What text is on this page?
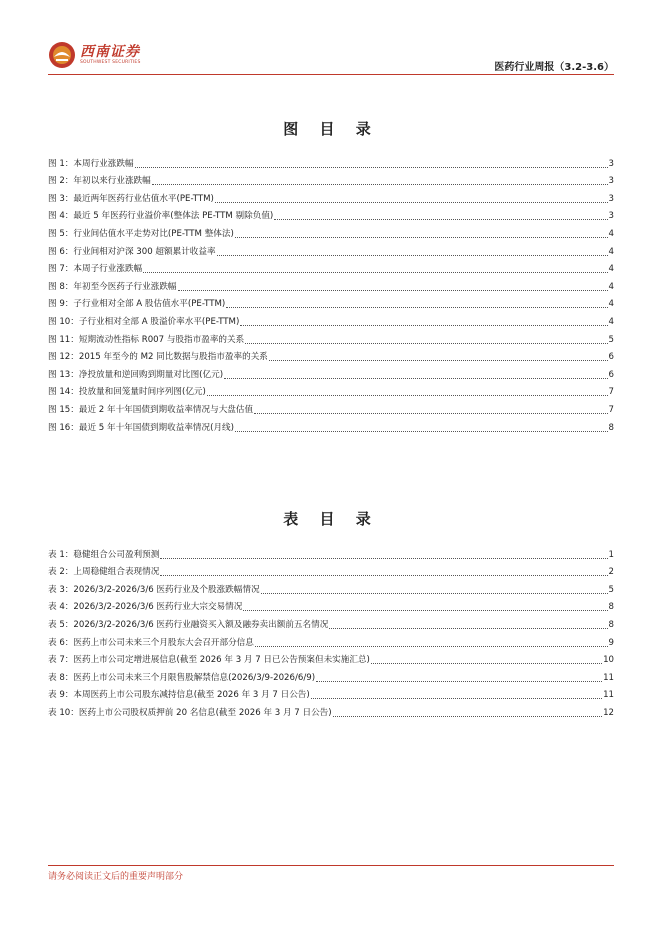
西南证券
SOUTHWEST SECURITIES	医药行业周报（3.2-3.6）
图 目 录
图 1：本周行业涨跌幅	3
图 2：年初以来行业涨跌幅	3
图 3：最近两年医药行业估值水平(PE-TTM)	3
图 4：最近 5 年医药行业溢价率(整体法 PE-TTM 剔除负值)	3
图 5：行业间估值水平走势对比(PE-TTM 整体法)	4
图 6：行业间相对沪深 300 超额累计收益率	4
图 7：本周子行业涨跌幅	4
图 8：年初至今医药子行业涨跌幅	4
图 9：子行业相对全部 A 股估值水平(PE-TTM)	4
图 10：子行业相对全部 A 股溢价率水平(PE-TTM)	4
图 11：短期流动性指标 R007 与股指市盈率的关系	5
图 12：2015 年至今的 M2 同比数据与股指市盈率的关系	6
图 13：净投放量和逆回购到期量对比图(亿元)	6
图 14：投放量和回笼量时间序列图(亿元)	7
图 15：最近 2 年十年国债到期收益率情况与大盘估值	7
图 16：最近 5 年十年国债到期收益率情况(月线)	8
表 目 录
表 1：稳健组合公司盈利预测	1
表 2：上周稳健组合表现情况	2
表 3：2026/3/2-2026/3/6 医药行业及个股涨跌幅情况	5
表 4：2026/3/2-2026/3/6 医药行业大宗交易情况	8
表 5：2026/3/2-2026/3/6 医药行业融资买入额及融券卖出额前五名情况	8
表 6：医药上市公司未来三个月股东大会召开部分信息	9
表 7：医药上市公司定增进展信息(截至 2026 年 3 月 7 日已公告预案但未实施汇总)	10
表 8：医药上市公司未来三个月限售股解禁信息(2026/3/9-2026/6/9)	11
表 9：本周医药上市公司股东减持信息(截至 2026 年 3 月 7 日公告)	11
表 10：医药上市公司股权质押前 20 名信息(截至 2026 年 3 月 7 日公告)	12
请务必阅读正文后的重要声明部分
